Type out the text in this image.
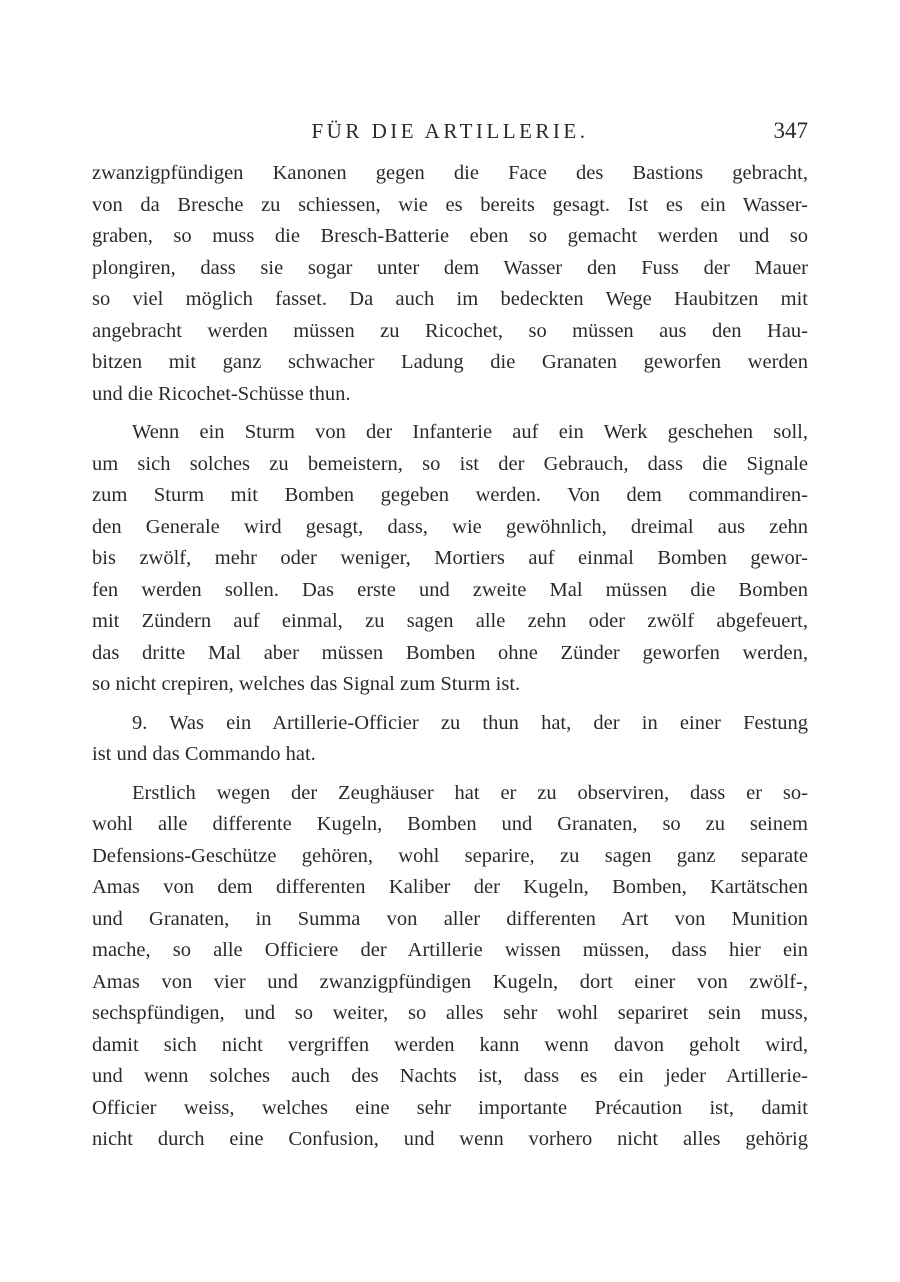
FÜR DIE ARTILLERIE.	347
zwanzigpfündigen Kanonen gegen die Face des Bastions gebracht,
von da Bresche zu schiessen, wie es bereits gesagt. Ist es ein Wasser-
graben, so muss die Bresch-Batterie eben so gemacht werden und so
plongiren, dass sie sogar unter dem Wasser den Fuss der Mauer
so viel möglich fasset. Da auch im bedeckten Wege Haubitzen mit
angebracht werden müssen zu Ricochet, so müssen aus den Hau-
bitzen mit ganz schwacher Ladung die Granaten geworfen werden
und die Ricochet-Schüsse thun.
Wenn ein Sturm von der Infanterie auf ein Werk geschehen soll,
um sich solches zu bemeistern, so ist der Gebrauch, dass die Signale
zum Sturm mit Bomben gegeben werden. Von dem commandiren-
den Generale wird gesagt, dass, wie gewöhnlich, dreimal aus zehn
bis zwölf, mehr oder weniger, Mortiers auf einmal Bomben gewor-
fen werden sollen. Das erste und zweite Mal müssen die Bomben
mit Zündern auf einmal, zu sagen alle zehn oder zwölf abgefeuert,
das dritte Mal aber müssen Bomben ohne Zünder geworfen werden,
so nicht crepiren, welches das Signal zum Sturm ist.
9. Was ein Artillerie-Officier zu thun hat, der in einer Festung
ist und das Commando hat.
Erstlich wegen der Zeughäuser hat er zu observiren, dass er so-
wohl alle differente Kugeln, Bomben und Granaten, so zu seinem
Defensions-Geschütze gehören, wohl separire, zu sagen ganz separate
Amas von dem differenten Kaliber der Kugeln, Bomben, Kartätschen
und Granaten, in Summa von aller differenten Art von Munition
mache, so alle Officiere der Artillerie wissen müssen, dass hier ein
Amas von vier und zwanzigpfündigen Kugeln, dort einer von zwölf-,
sechspfündigen, und so weiter, so alles sehr wohl separiret sein muss,
damit sich nicht vergriffen werden kann wenn davon geholt wird,
und wenn solches auch des Nachts ist, dass es ein jeder Artillerie-
Officier weiss, welches eine sehr importante Précaution ist, damit
nicht durch eine Confusion, und wenn vorhero nicht alles gehörig
